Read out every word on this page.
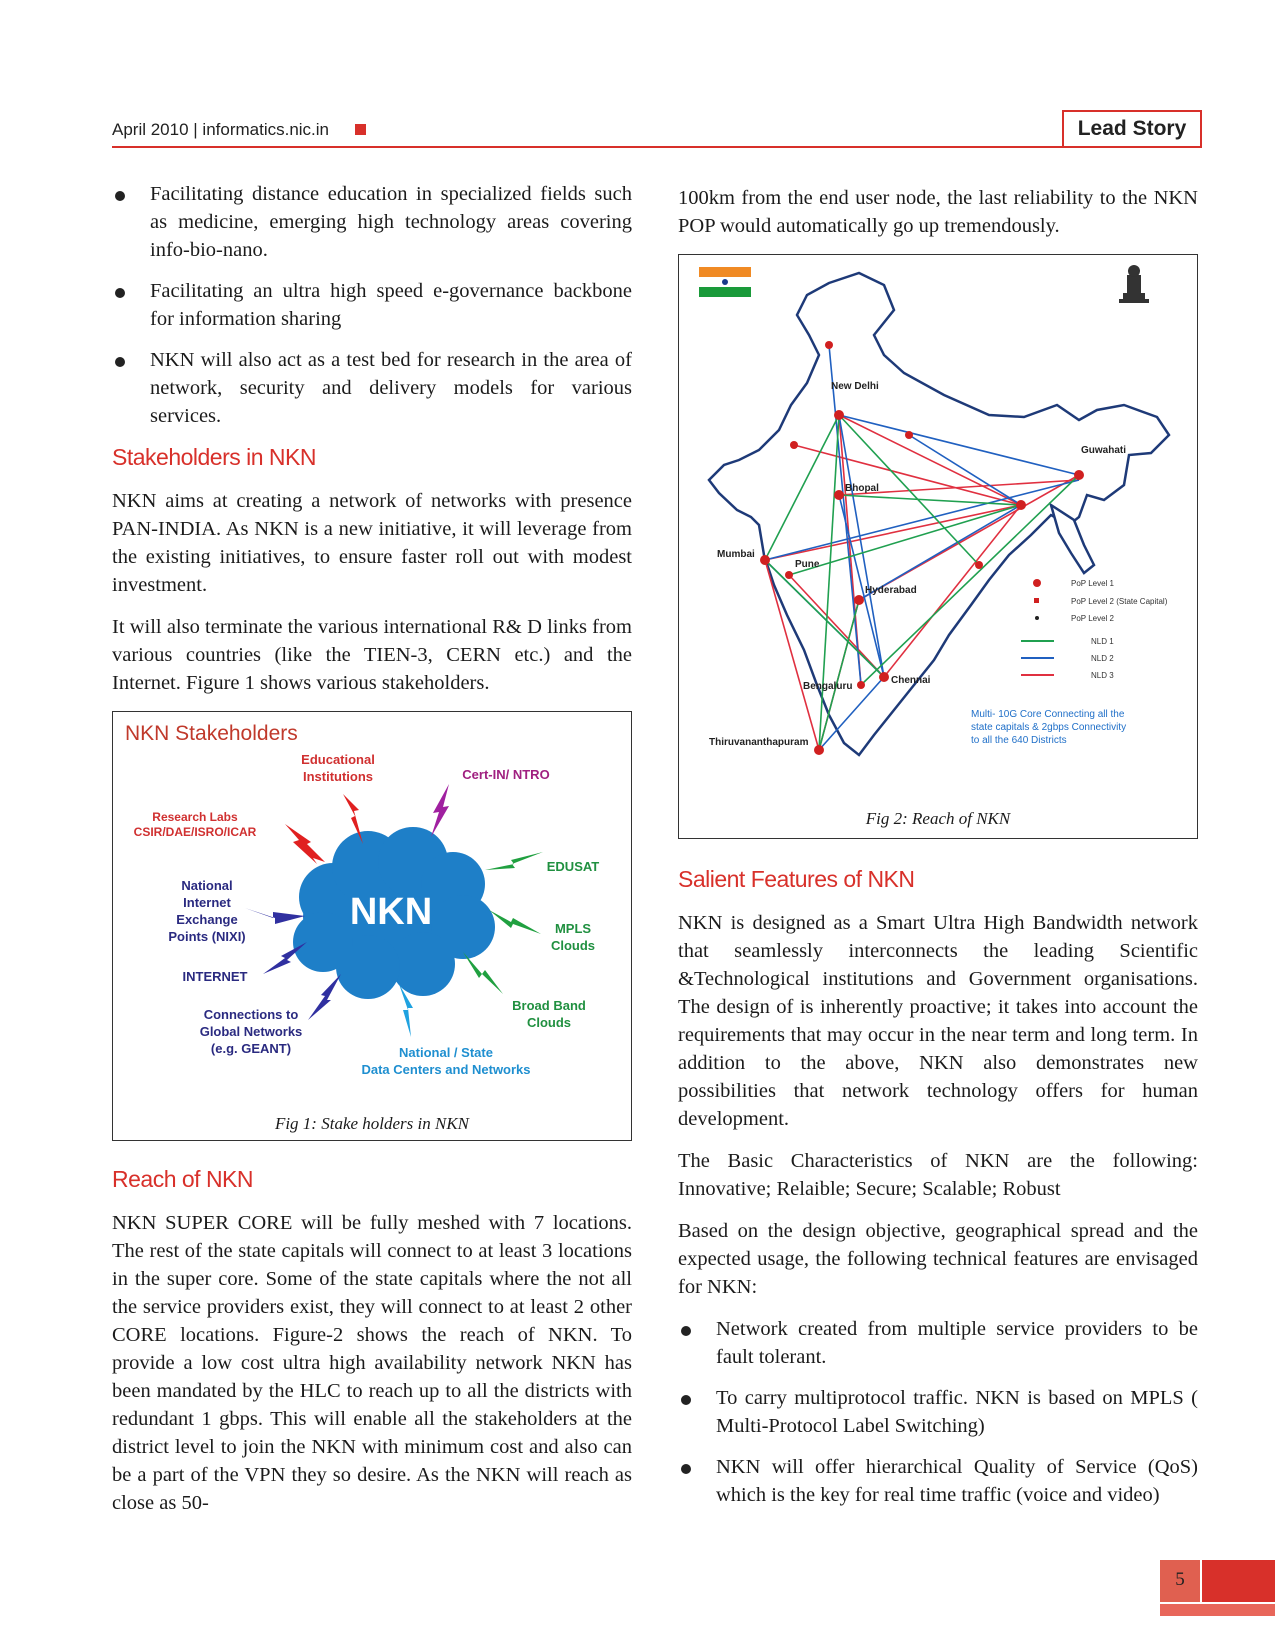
April 2010 | informatics.nic.in	Lead Story
Facilitating distance education in specialized fields such as medicine, emerging high technology areas covering info-bio-nano.
Facilitating an ultra high speed e-governance backbone for information sharing
NKN will also act as a test bed for research in the area of network, security and delivery models for various services.
Stakeholders in NKN

NKN aims at creating a network of networks with presence PAN-INDIA. As NKN is a new initiative, it will leverage from the existing initiatives, to ensure faster roll out with modest investment.

It will also terminate the various international R& D links from various countries (like the TIEN-3, CERN etc.) and the Internet. Figure 1 shows various stakeholders.

NKN Stakeholders
NKN
Educational
Institutions	Cert-IN/ NTRO
Research Labs
CSIR/DAE/ISRO/ICAR
EDUSAT
National
Internet
Exchange
Points (NIXI)
MPLS
Clouds
INTERNET
Broad Band
Clouds
Connections to
Global Networks
(e.g. GEANT)	National / State
Data Centers and Networks
Fig 1: Stake holders in NKN
Reach of NKN

NKN SUPER CORE will be fully meshed with 7 locations. The rest of the state capitals will connect to at least 3 locations in the super core. Some of the state capitals where the not all the service providers exist, they will connect to at least 2 other CORE locations. Figure-2 shows the reach of NKN. To provide a low cost ultra high availability network NKN has been mandated by the HLC to reach up to all the districts with redundant 1 gbps. This will enable all the stakeholders at the district level to join the NKN with minimum cost and also can be a part of the VPN they so desire. As the NKN will reach as close as 50-

100km from the end user node, the last reliability to the NKN POP would automatically go up tremendously.

New Delhi
Bhopal
Mumbai
Pune
Hyderabad
Chennai
Bengaluru
Thiruvananthapuram
Guwahati
PoP Level 1
PoP Level 2 (State Capital)
PoP Level 2
NLD 1
NLD 2
NLD 3
Multi- 10G Core Connecting all the
state capitals & 2gbps Connectivity
to all the 640 Districts
Fig 2: Reach of NKN
Salient Features of NKN

NKN is designed as a Smart Ultra High Bandwidth network that seamlessly interconnects the leading Scientific &Technological institutions and Government organisations. The design of is inherently proactive; it takes into account the requirements that may occur in the near term and long term. In addition to the above, NKN also demonstrates new possibilities that network technology offers for human development.

The Basic Characteristics of NKN are the following: Innovative; Relaible; Secure; Scalable; Robust

Based on the design objective, geographical spread and the expected usage, the following technical features are envisaged for NKN:

Network created from multiple service providers to be fault tolerant.
To carry multiprotocol traffic. NKN is based on MPLS ( Multi-Protocol Label Switching)
NKN will offer hierarchical Quality of Service (QoS) which is the key for real time traffic (voice and video)
5
